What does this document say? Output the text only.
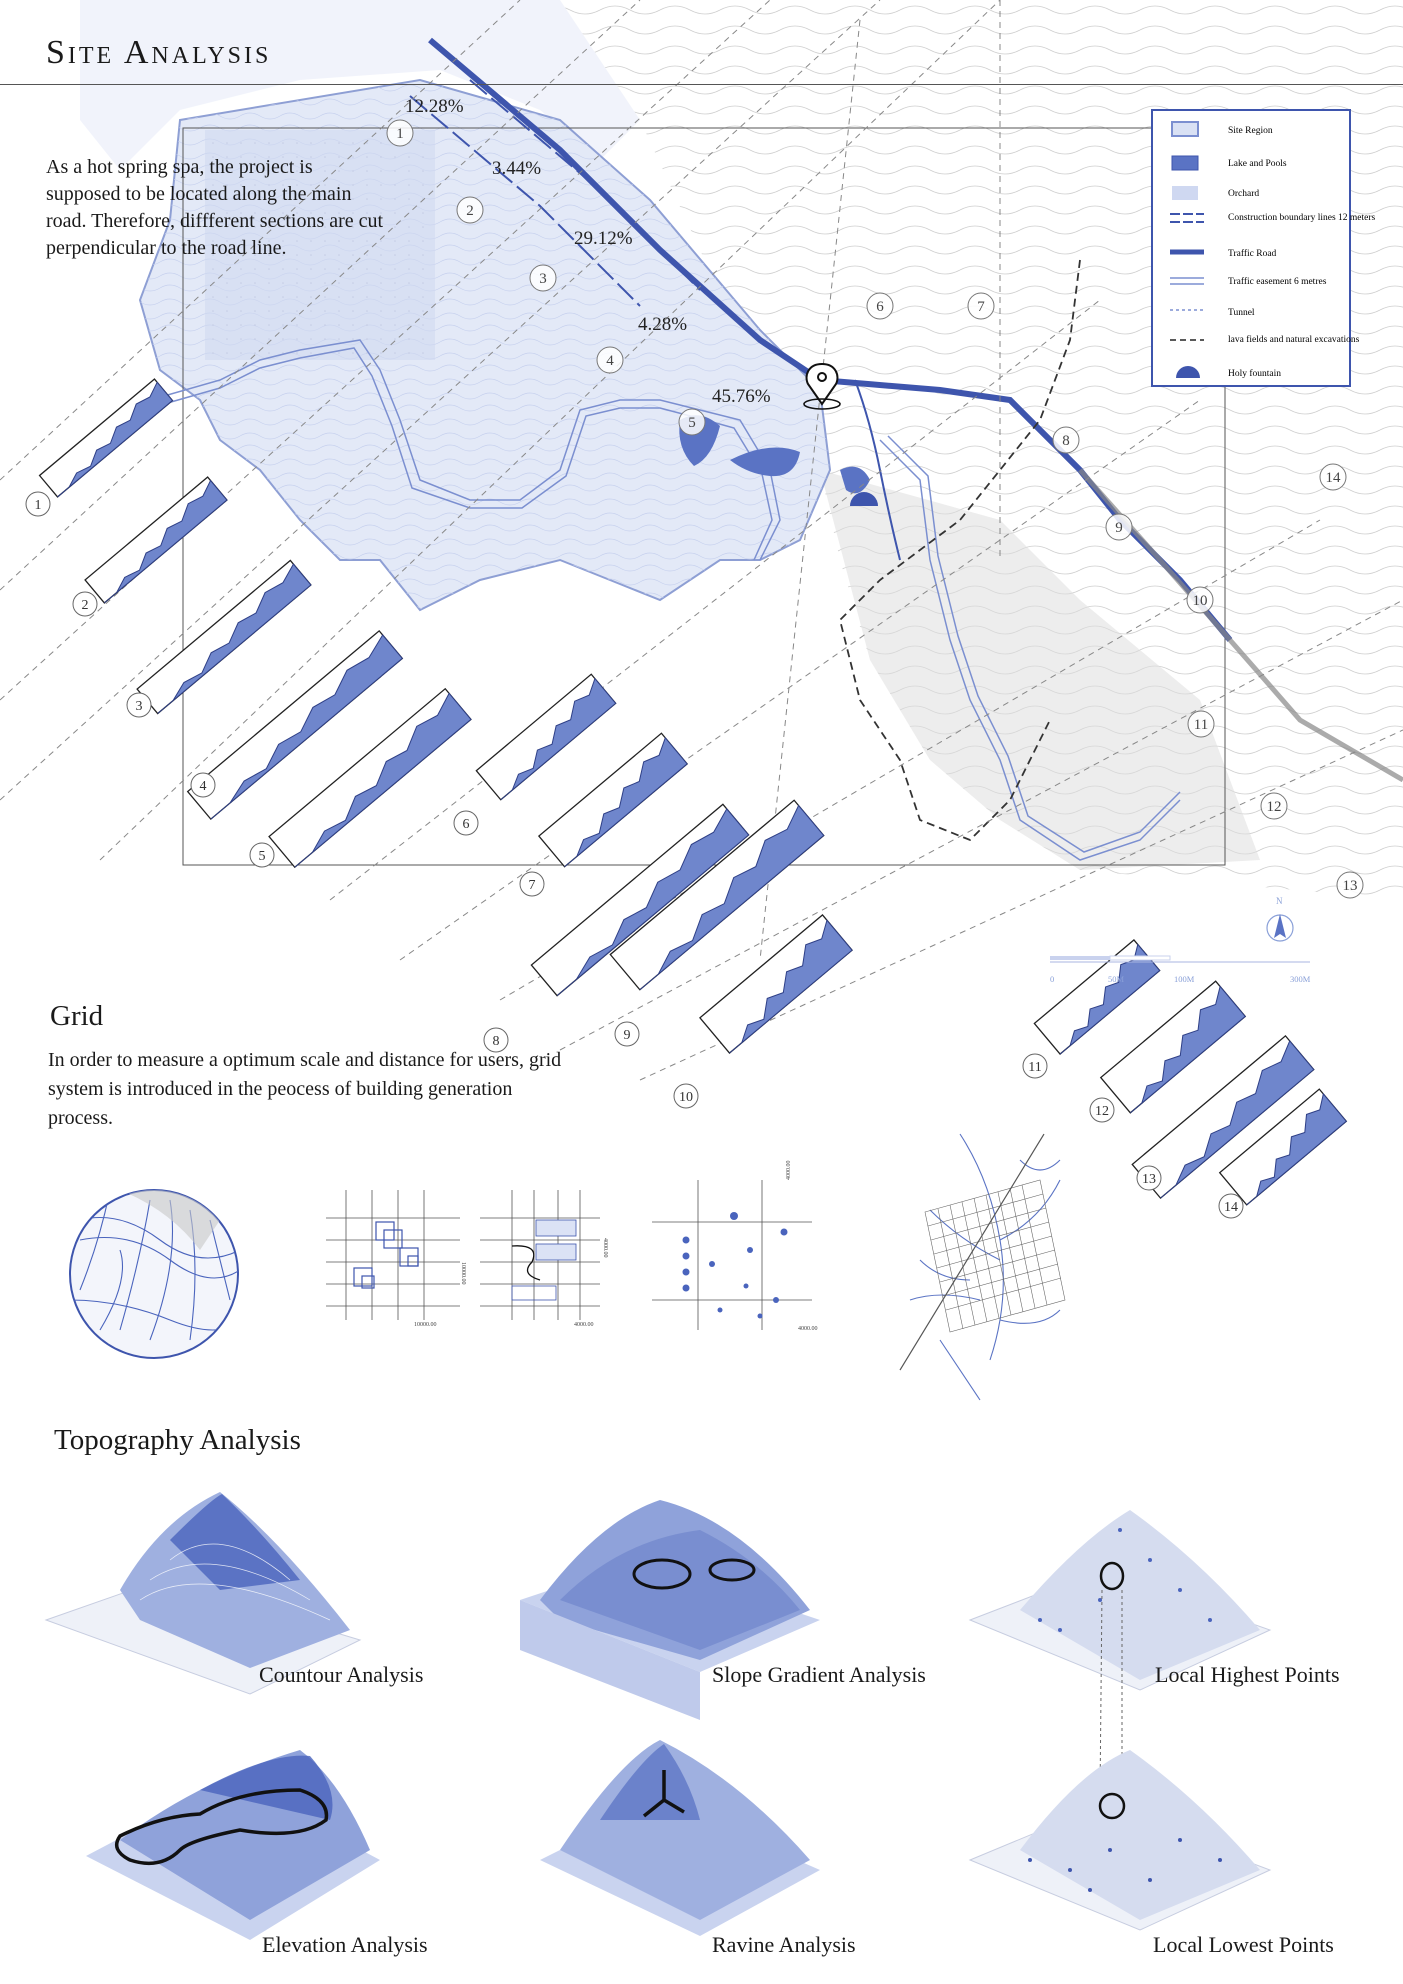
Site Region
Lake and Pools
Orchard
Construction boundary lines 12 meters
Traffic Road
Traffic easement 6 metres
Tunnel
lava fields and natural excavations
Holy fountain
12.28%
3.44%
29.12%
4.28%
45.76%
1
2
3
4
5
6	7
8
9
10
11
12
13
14
1
2
3
4
5
6
7
8	9
10
11
12
13
14
N
0	50M	100M	300M
Site Analysis
As a hot spring spa, the project is supposed to be located along the main road. Therefore, diffferent sections are cut perpendicular to the road line.
Grid
In order to measure a optimum scale and distance for users, grid system is introduced in the peocess of building generation process.
10000.00
10000.00
4000.00
4000.00
4000.00
4000.00
Topography Analysis
Countour Analysis	Slope Gradient Analysis	Local Highest Points
Elevation Analysis	Ravine Analysis	Local Lowest Points
